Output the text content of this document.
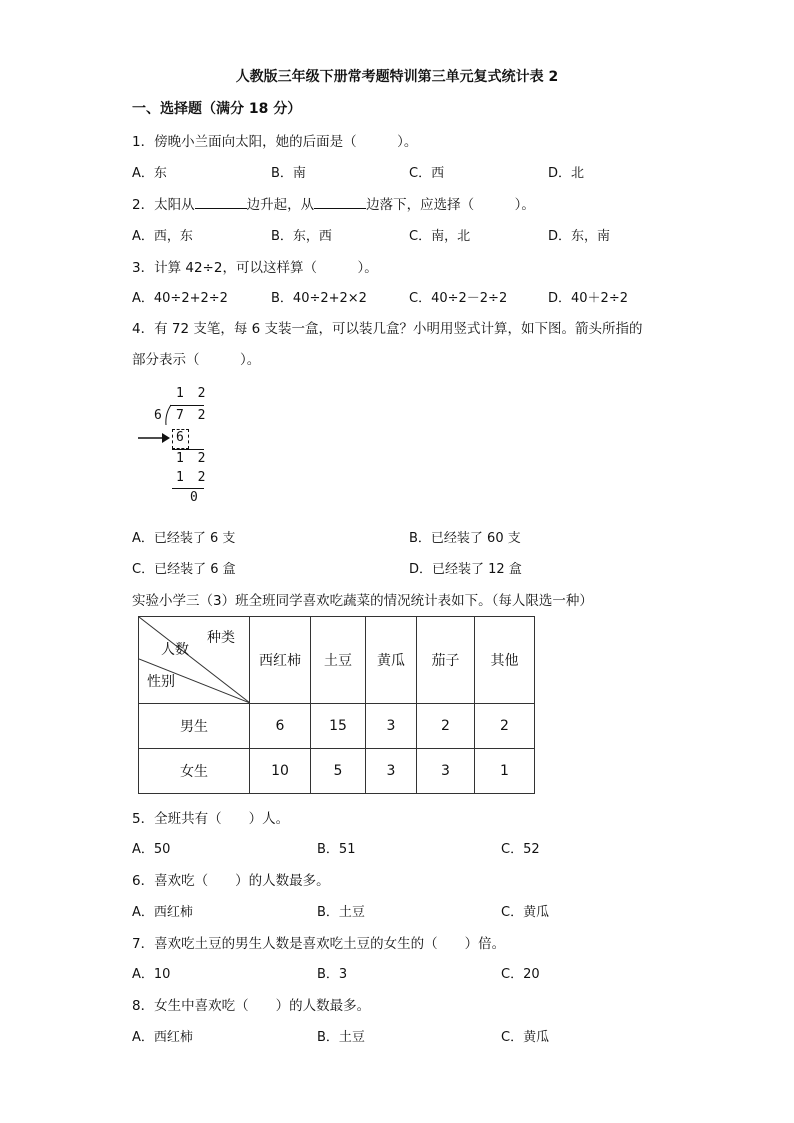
人教版三年级下册常考题特训第三单元复式统计表 2
一、选择题（满分 18 分）
1．傍晚小兰面向太阳，她的后面是（　　　）。
A．东	B．南	C．西	D．北
2．太阳从	边升起，从	边落下，应选择（　　　）。
A．西，东	B．东，西	C．南，北	D．东，南
3．计算 42÷2，可以这样算（　　　）。
A．40÷2+2÷2	B．40÷2+2×2	C．40÷2－2÷2	D．40＋2÷2
4．有 72 支笔，每 6 支装一盒，可以装几盒？小明用竖式计算，如下图。箭头所指的
部分表示（　　　）。
1 2
6 7 2
6
1 2
1 2
0
A．已经装了 6 支	B．已经装了 60 支
C．已经装了 6 盒	D．已经装了 12 盒
实验小学三（3）班全班同学喜欢吃蔬菜的情况统计表如下。（每人限选一种）
种类
人数
性别	西红柿	土豆	黄瓜	茄子	其他
男生	6	15	3	2	2
女生	10	5	3	3	1
5．全班共有（　　）人。
A．50	B．51	C．52
6．喜欢吃（　　）的人数最多。
A．西红柿	B．土豆	C．黄瓜
7．喜欢吃土豆的男生人数是喜欢吃土豆的女生的（　　）倍。
A．10	B．3	C．20
8．女生中喜欢吃（　　）的人数最多。
A．西红柿	B．土豆	C．黄瓜
